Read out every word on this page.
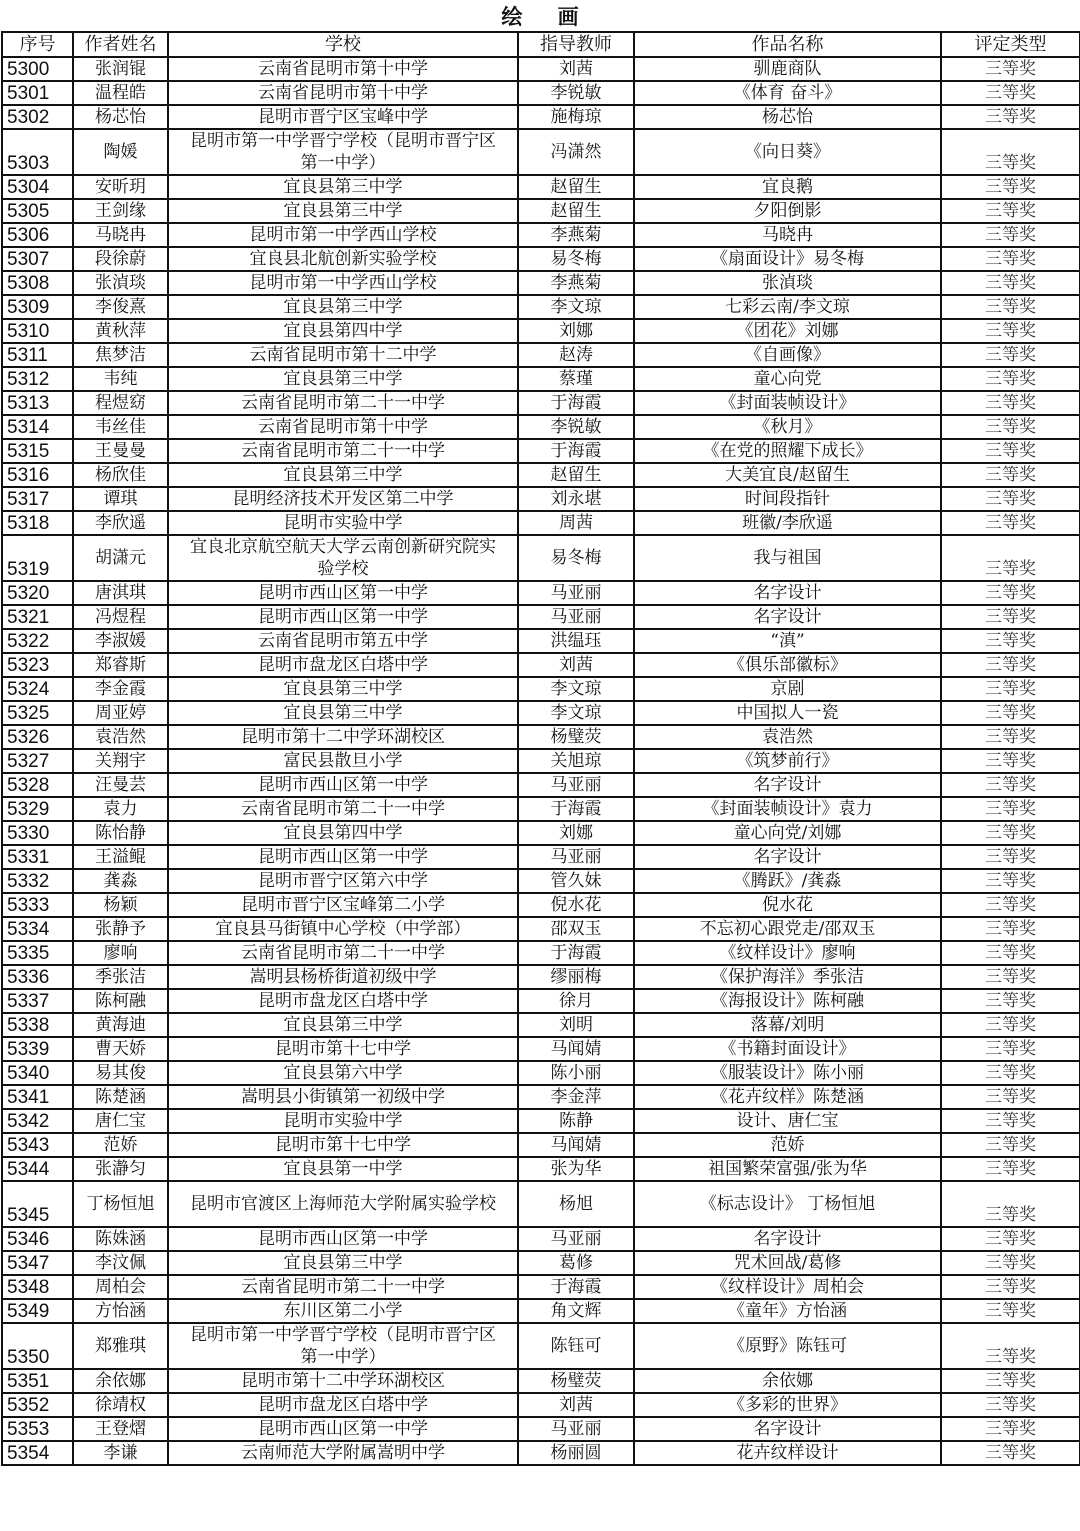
绘 画
序号	作者姓名	学校	指导教师	作品名称	评定类型
5300	张润锟	云南省昆明市第十中学	刘茜	驯鹿商队	三等奖
5301	温程皓	云南省昆明市第十中学	李锐敏	《体育 奋斗》	三等奖
5302	杨芯怡	昆明市晋宁区宝峰中学	施梅琼	杨芯怡	三等奖
5303	陶媛	昆明市第一中学晋宁学校（昆明市晋宁区第一中学）	冯潇然	《向日葵》	三等奖
5304	安昕玥	宜良县第三中学	赵留生	宜良鹅	三等奖
5305	王剑缘	宜良县第三中学	赵留生	夕阳倒影	三等奖
5306	马晓冉	昆明市第一中学西山学校	李燕菊	马晓冉	三等奖
5307	段徐蔚	宜良县北航创新实验学校	易冬梅	《扇面设计》易冬梅	三等奖
5308	张湞琰	昆明市第一中学西山学校	李燕菊	张湞琰	三等奖
5309	李俊熹	宜良县第三中学	李文琼	七彩云南/李文琼	三等奖
5310	黄秋萍	宜良县第四中学	刘娜	《团花》刘娜	三等奖
5311	焦梦洁	云南省昆明市第十二中学	赵涛	《自画像》	三等奖
5312	韦纯	宜良县第三中学	蔡瑾	童心向党	三等奖
5313	程煜窈	云南省昆明市第二十一中学	于海霞	《封面装帧设计》	三等奖
5314	韦丝佳	云南省昆明市第十中学	李锐敏	《秋月》	三等奖
5315	王曼曼	云南省昆明市第二十一中学	于海霞	《在党的照耀下成长》	三等奖
5316	杨欣佳	宜良县第三中学	赵留生	大美宜良/赵留生	三等奖
5317	谭琪	昆明经济技术开发区第二中学	刘永堪	时间段指针	三等奖
5318	李欣遥	昆明市实验中学	周茜	班徽/李欣遥	三等奖
5319	胡潇元	宜良北京航空航天大学云南创新研究院实验学校	易冬梅	我与祖国	三等奖
5320	唐淇琪	昆明市西山区第一中学	马亚丽	名字设计	三等奖
5321	冯煜程	昆明市西山区第一中学	马亚丽	名字设计	三等奖
5322	李淑媛	云南省昆明市第五中学	洪缊珏	“滇”	三等奖
5323	郑睿斯	昆明市盘龙区白塔中学	刘茜	《俱乐部徽标》	三等奖
5324	李金霞	宜良县第三中学	李文琼	京剧	三等奖
5325	周亚婷	宜良县第三中学	李文琼	中国拟人一瓷	三等奖
5326	袁浩然	昆明市第十二中学环湖校区	杨璧荧	袁浩然	三等奖
5327	关翔宇	富民县散旦小学	关旭琼	《筑梦前行》	三等奖
5328	汪曼芸	昆明市西山区第一中学	马亚丽	名字设计	三等奖
5329	袁力	云南省昆明市第二十一中学	于海霞	《封面装帧设计》袁力	三等奖
5330	陈怡静	宜良县第四中学	刘娜	童心向党/刘娜	三等奖
5331	王溢鲲	昆明市西山区第一中学	马亚丽	名字设计	三等奖
5332	龚淼	昆明市晋宁区第六中学	管久妹	《腾跃》/龚淼	三等奖
5333	杨颖	昆明市晋宁区宝峰第二小学	倪水花	倪水花	三等奖
5334	张静予	宜良县马街镇中心学校（中学部）	邵双玉	不忘初心跟党走/邵双玉	三等奖
5335	廖响	云南省昆明市第二十一中学	于海霞	《纹样设计》廖响	三等奖
5336	季张洁	嵩明县杨桥街道初级中学	缪丽梅	《保护海洋》季张洁	三等奖
5337	陈柯融	昆明市盘龙区白塔中学	徐月	《海报设计》陈柯融	三等奖
5338	黄海迪	宜良县第三中学	刘明	落幕/刘明	三等奖
5339	曹天娇	昆明市第十七中学	马闻婧	《书籍封面设计》	三等奖
5340	易其俊	宜良县第六中学	陈小丽	《服装设计》陈小丽	三等奖
5341	陈楚涵	嵩明县小街镇第一初级中学	李金萍	《花卉纹样》陈楚涵	三等奖
5342	唐仁宝	昆明市实验中学	陈静	设计、唐仁宝	三等奖
5343	范娇	昆明市第十七中学	马闻婧	范娇	三等奖
5344	张瀞匀	宜良县第一中学	张为华	祖国繁荣富强/张为华	三等奖
5345	丁杨恒旭	昆明市官渡区上海师范大学附属实验学校	杨旭	《标志设计》 丁杨恒旭	三等奖
5346	陈姝涵	昆明市西山区第一中学	马亚丽	名字设计	三等奖
5347	李汶佩	宜良县第三中学	葛修	咒术回战/葛修	三等奖
5348	周柏会	云南省昆明市第二十一中学	于海霞	《纹样设计》周柏会	三等奖
5349	方怡涵	东川区第二小学	角文辉	《童年》方怡涵	三等奖
5350	郑雅琪	昆明市第一中学晋宁学校（昆明市晋宁区第一中学）	陈钰可	《原野》陈钰可	三等奖
5351	余依娜	昆明市第十二中学环湖校区	杨璧荧	余依娜	三等奖
5352	徐靖权	昆明市盘龙区白塔中学	刘茜	《多彩的世界》	三等奖
5353	王登熠	昆明市西山区第一中学	马亚丽	名字设计	三等奖
5354	李谦	云南师范大学附属嵩明中学	杨丽圆	花卉纹样设计	三等奖
